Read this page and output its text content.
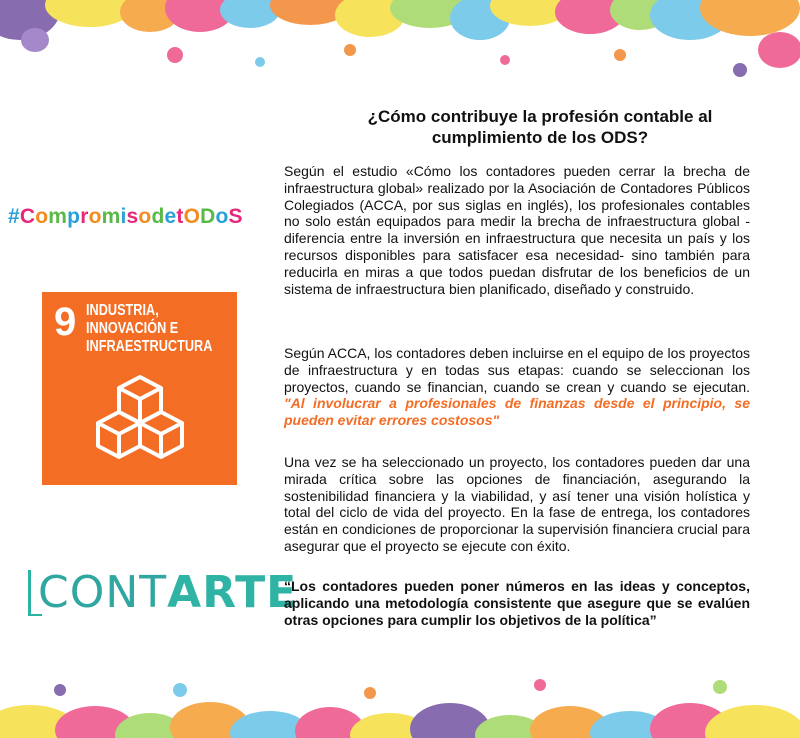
#CompromisodetODoS
9 INDUSTRIA,
INNOVACIÓN E
INFRAESTRUCTURA
CONTARTE
¿Cómo contribuye la profesión contable al
cumplimiento de los ODS?

Según el estudio «Cómo los contadores pueden cerrar la brecha de infraestructura global» realizado por la Asociación de Contadores Públicos Colegiados (ACCA, por sus siglas en inglés), los profesionales contables no solo están equipados para medir la brecha de infraestructura global -diferencia entre la inversión en infraestructura que necesita un país y los recursos disponibles para satisfacer esa necesidad- sino también para reducirla en miras a que todos puedan disfrutar de los beneficios de un sistema de infraestructura bien planificado, diseñado y construido.

Según ACCA, los contadores deben incluirse en el equipo de los proyectos de infraestructura y en todas sus etapas: cuando se seleccionan los proyectos, cuando se financian, cuando se crean y cuando se ejecutan. "Al involucrar a profesionales de finanzas desde el principio, se pueden evitar errores costosos"

Una vez se ha seleccionado un proyecto, los contadores pueden dar una mirada crítica sobre las opciones de financiación, asegurando la sostenibilidad financiera y la viabilidad, y así tener una visión holística y total del ciclo de vida del proyecto. En la fase de entrega, los contadores están en condiciones de proporcionar la supervisión financiera crucial para asegurar que el proyecto se ejecute con éxito.

“Los contadores pueden poner números en las ideas y conceptos, aplicando una metodología consistente que asegure que se evalúen otras opciones para cumplir los objetivos de la política”
